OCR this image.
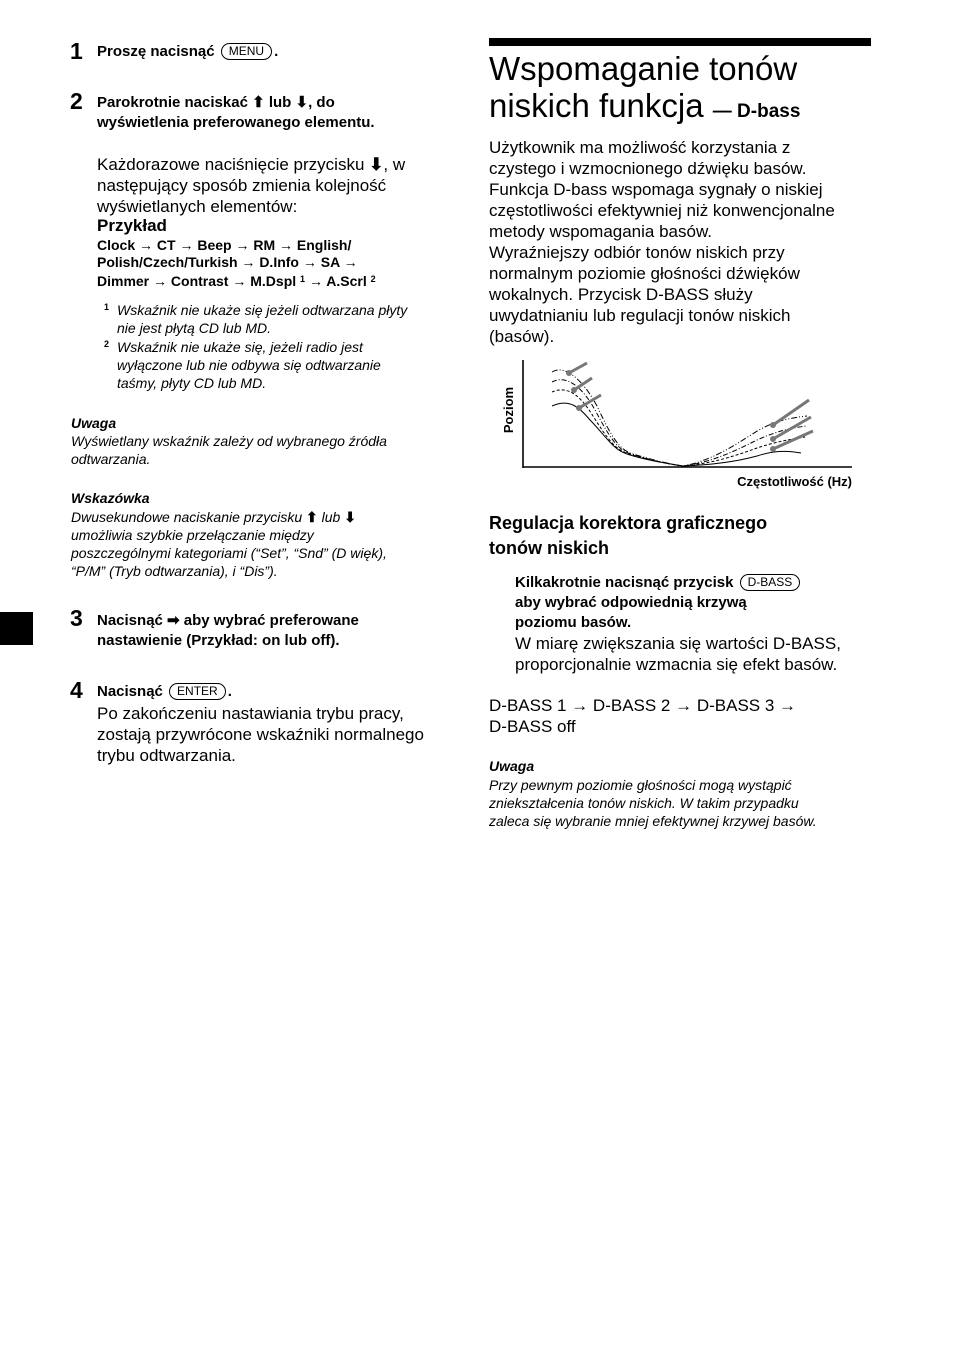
1 Proszę nacisnąć MENU .
2 Parokrotnie naciskać ⬆ lub ⬇, do
wyświetlenia preferowanego elementu.
Każdorazowe naciśnięcie przycisku ⬇, w
następujący sposób zmienia kolejność
wyświetlanych elementów:
Przykład
Clock → CT → Beep → RM → English/
Polish/Czech/Turkish → D.Info → SA →
Dimmer → Contrast → M.Dspl $^1$ → A.Scrl $^2$
1 Wskaźnik nie ukaże się jeżeli odtwarzana płyty
nie jest płytą CD lub MD.
2 Wskaźnik nie ukaże się, jeżeli radio jest
wyłączone lub nie odbywa się odtwarzanie
taśmy, płyty CD lub MD.
Uwaga
Wyświetlany wskaźnik zależy od wybranego źródła
odtwarzania.
Wskazówka
Dwusekundowe naciskanie przycisku ⬆ lub ⬇
umożliwia szybkie przełączanie między
poszczególnymi kategoriami (“Set”, “Snd” (D więk),
“P/M” (Tryb odtwarzania), i “Dis”).
3 Nacisnąć ➡ aby wybrać preferowane
nastawienie (Przykład: on lub off).
4 Nacisnąć ENTER .
Po zakończeniu nastawiania trybu pracy,
zostają przywrócone wskaźniki normalnego
trybu odtwarzania.
Wspomaganie tonów
niskich funkcja — D-bass
Użytkownik ma możliwość korzystania z
czystego i wzmocnionego dźwięku basów.
Funkcja D-bass wspomaga sygnały o niskiej
częstotliwości efektywniej niż konwencjonalne
metody wspomagania basów.
Wyraźniejszy odbiór tonów niskich przy
normalnym poziomie głośności dźwięków
wokalnych. Przycisk D-BASS służy
uwydatnianiu lub regulacji tonów niskich
(basów).
Poziom
Częstotliwość (Hz)
Regulacja korektora graficznego
tonów niskich
Kilkakrotnie nacisnąć przycisk D-BASS
aby wybrać odpowiednią krzywą
poziomu basów.
W miarę zwiększania się wartości D-BASS,
proporcjonalnie wzmacnia się efekt basów.
D-BASS 1 → D-BASS 2 → D-BASS 3 →
D-BASS off
Uwaga
Przy pewnym poziomie głośności mogą wystąpić
zniekształcenia tonów niskich. W takim przypadku
zaleca się wybranie mniej efektywnej krzywej basów.
